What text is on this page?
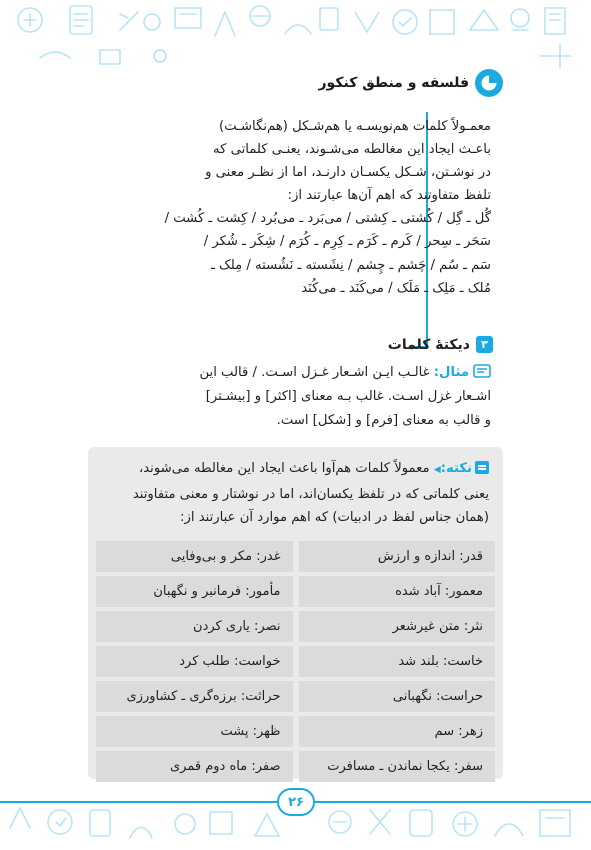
فلسفه و منطق کنکور

معمـولاً کلمات هم‌نویسـه یا هم‌شـکل (هم‌نگاشـت)

باعـث ایجاد این مغالطه می‌شـوند، یعنـی کلماتی که

در نوشـتن، شـکل یکسـان دارنـد، اما از نظـر معنی و

تلفظ متفاوتند که اهم آن‌ها عبارتند از:

گُل ـ گِل / کُشتی ـ کِشتی / می‌بَرد ـ می‌بُرد / کِشت ـ کُشت /

سَحَر ـ سِحر / کَرم ـ کَرَم ـ کِرِم ـ کُرَم / شِکَر ـ شُکر /

سَم ـ سُم / چَشم ـ چِشم / نِشَسته ـ نَشُسته / مِلک ـ

مُلک ـ مَلِک ـ مَلَک / می‌کَنَد ـ می‌کُنَد

۳
دیکتهٔ کلمات
مثال: غالـب ایـن اشـعار غـزل اسـت. / قالب این
اشـعار غزل اسـت. غالب بـه معنای [اکثر] و [بیشـتر]
و قالب به معنای [فرم] و [شکل] است.
نکته:◀ معمولاً کلمات هم‌آوا باعث ایجاد این مغالطه می‌شوند،
یعنی کلماتی که در تلفظ یکسان‌اند، اما در نوشتار و معنی متفاوتند
(همان جناس لفظ در ادبیات) که اهم موارد آن عبارتند از:
قدر: اندازه و ارزش
غدر: مکر و بی‌وفایی
معمور: آباد شده
مأمور: فرمانبر و نگهبان
نثر: متن غیرشعر
نصر: یاری کردن
خاست: بلند شد
خواست: طلب کرد
حراست: نگهبانی
حراثت: برزه‌گری ـ کشاورزی
زهر: سم
ظهر: پشت
سفر: یکجا نماندن ـ مسافرت
صفر: ماه دوم قمری
۲۶
